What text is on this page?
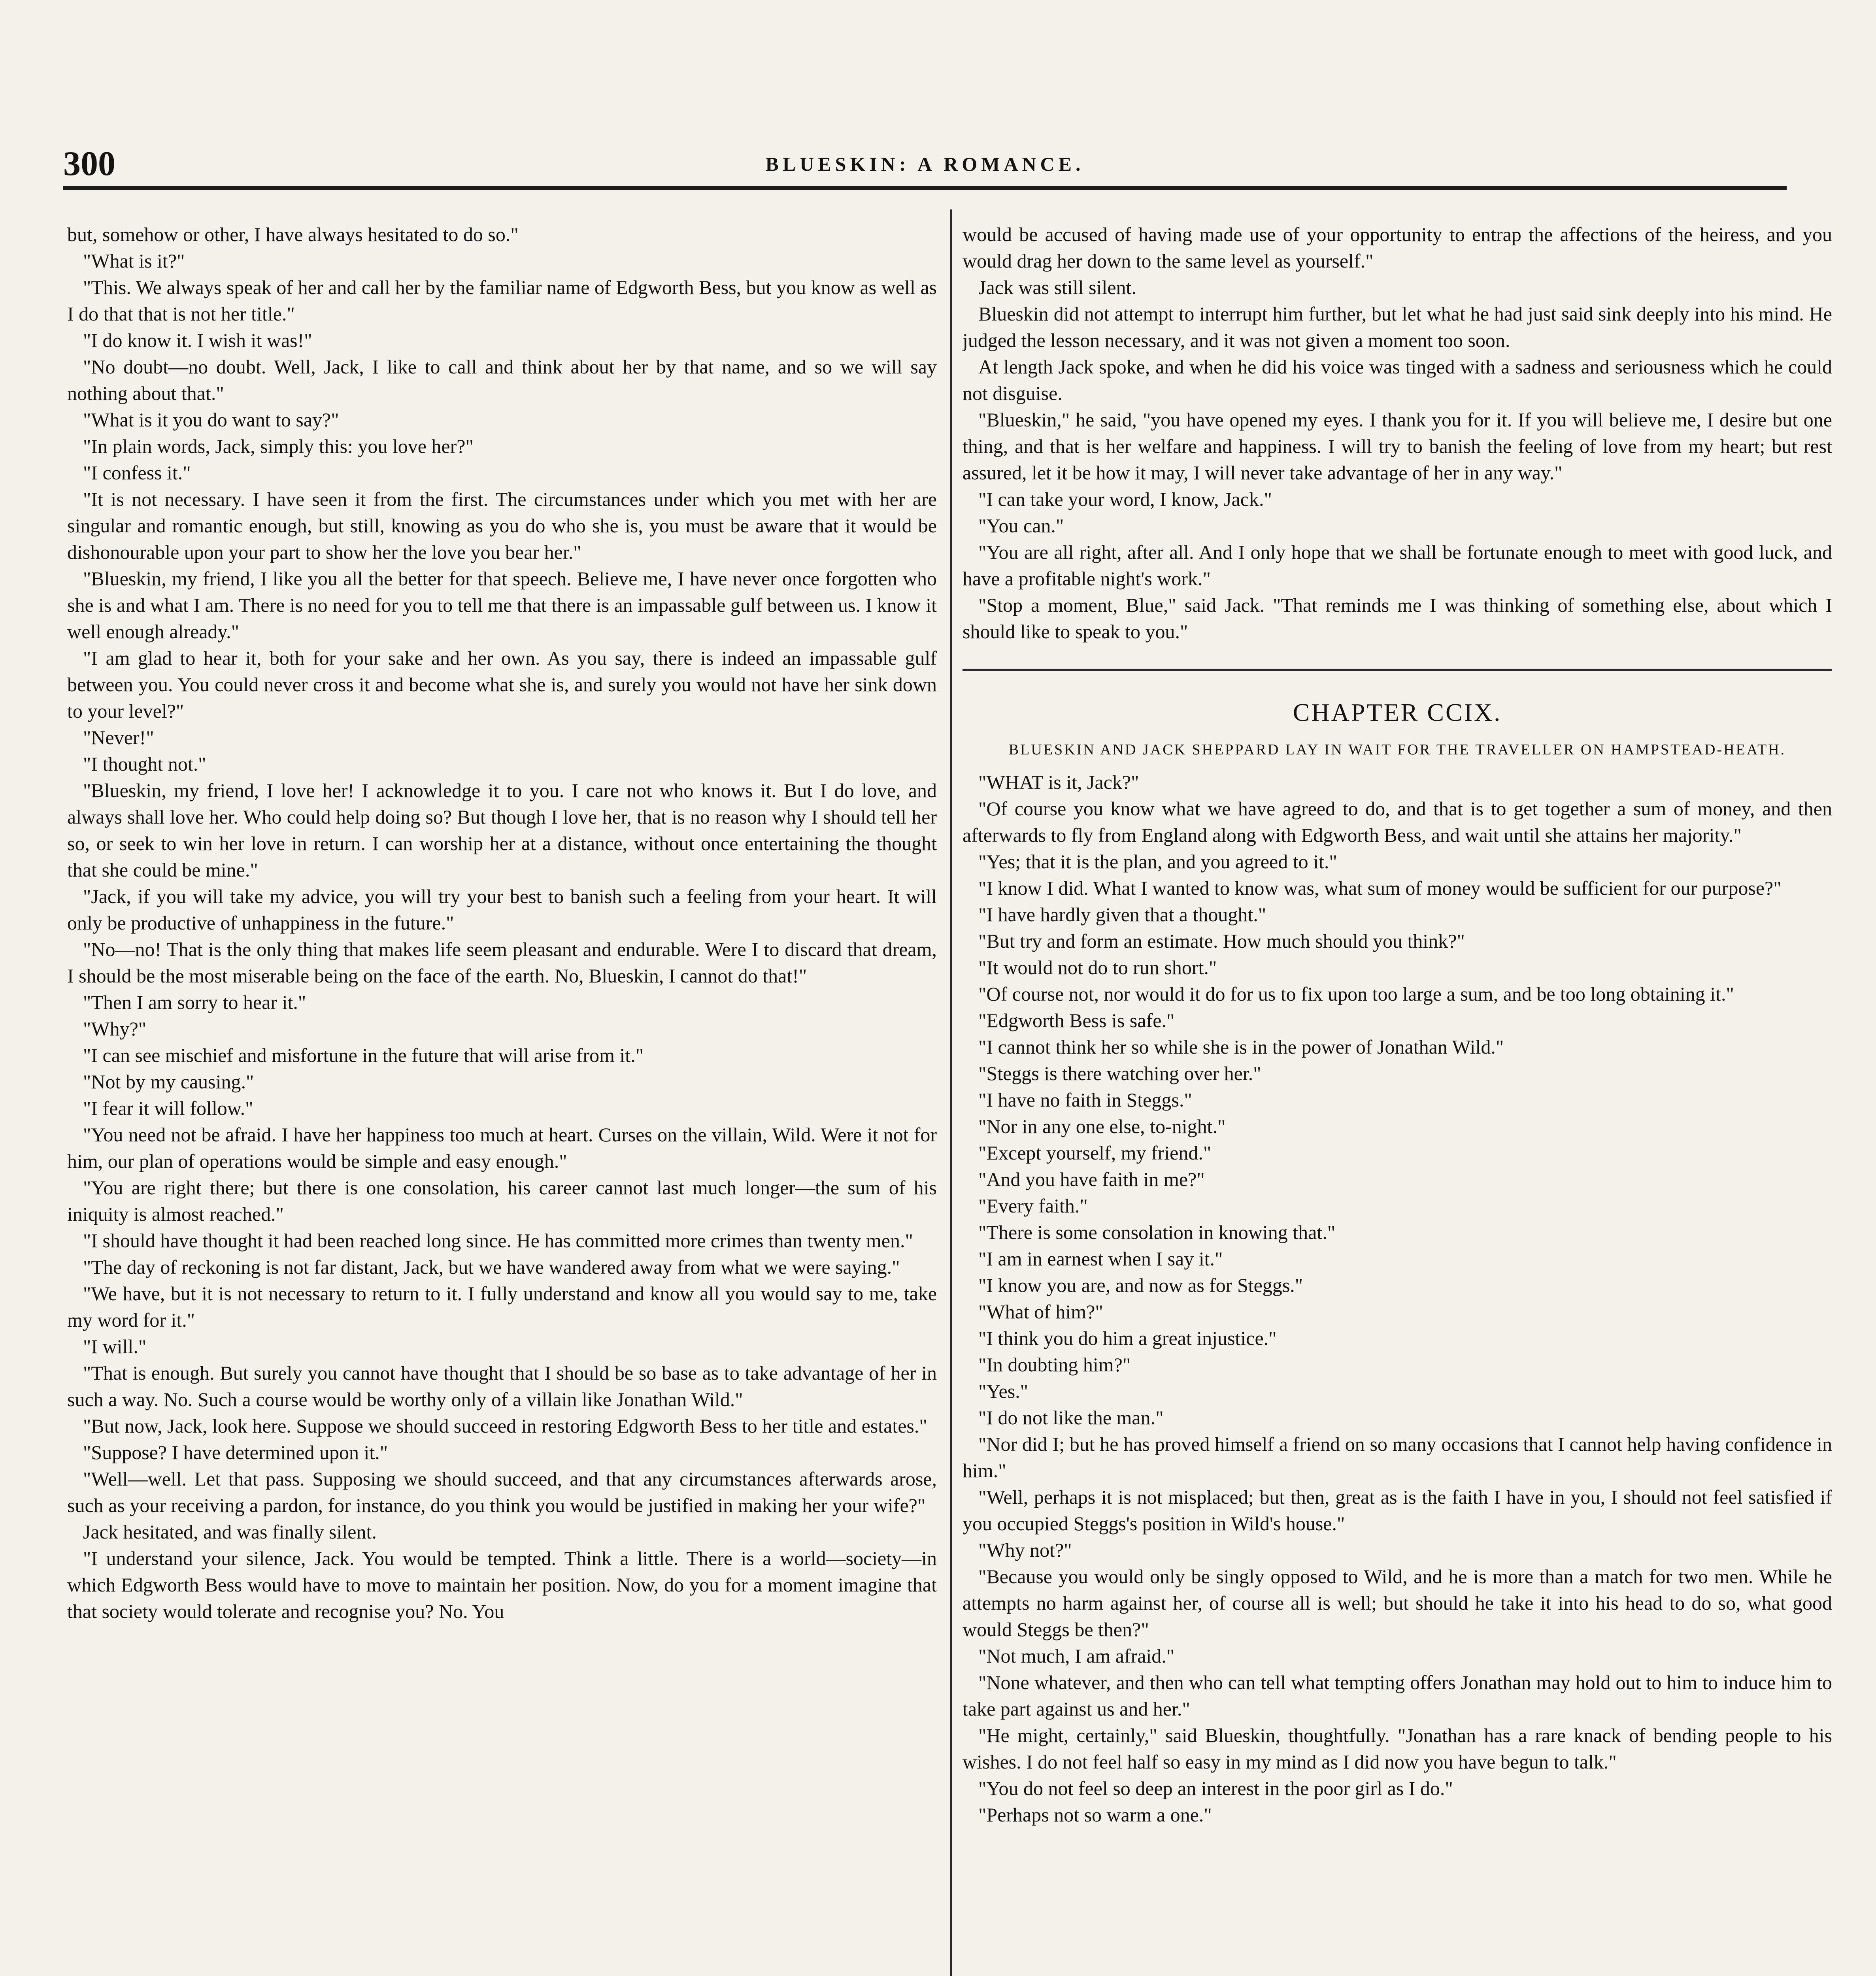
300	BLUESKIN: A ROMANCE.

but, somehow or other, I have always hesitated to do so."

"What is it?"

"This. We always speak of her and call her by the familiar name of Edgworth Bess, but you know as well as I do that that is not her title."

"I do know it. I wish it was!"

"No doubt—no doubt. Well, Jack, I like to call and think about her by that name, and so we will say nothing about that."

"What is it you do want to say?"

"In plain words, Jack, simply this: you love her?"

"I confess it."

"It is not necessary. I have seen it from the first. The circumstances under which you met with her are singular and romantic enough, but still, knowing as you do who she is, you must be aware that it would be dishonourable upon your part to show her the love you bear her."

"Blueskin, my friend, I like you all the better for that speech. Believe me, I have never once forgotten who she is and what I am. There is no need for you to tell me that there is an impassable gulf between us. I know it well enough already."

"I am glad to hear it, both for your sake and her own. As you say, there is indeed an impassable gulf between you. You could never cross it and become what she is, and surely you would not have her sink down to your level?"

"Never!"

"I thought not."

"Blueskin, my friend, I love her! I acknowledge it to you. I care not who knows it. But I do love, and always shall love her. Who could help doing so? But though I love her, that is no reason why I should tell her so, or seek to win her love in return. I can worship her at a distance, without once entertaining the thought that she could be mine."

"Jack, if you will take my advice, you will try your best to banish such a feeling from your heart. It will only be productive of unhappiness in the future."

"No—no! That is the only thing that makes life seem pleasant and endurable. Were I to discard that dream, I should be the most miserable being on the face of the earth. No, Blueskin, I cannot do that!"

"Then I am sorry to hear it."

"Why?"

"I can see mischief and misfortune in the future that will arise from it."

"Not by my causing."

"I fear it will follow."

"You need not be afraid. I have her happiness too much at heart. Curses on the villain, Wild. Were it not for him, our plan of operations would be simple and easy enough."

"You are right there; but there is one consolation, his career cannot last much longer—the sum of his iniquity is almost reached."

"I should have thought it had been reached long since. He has committed more crimes than twenty men."

"The day of reckoning is not far distant, Jack, but we have wandered away from what we were saying."

"We have, but it is not necessary to return to it. I fully understand and know all you would say to me, take my word for it."

"I will."

"That is enough. But surely you cannot have thought that I should be so base as to take advantage of her in such a way. No. Such a course would be worthy only of a villain like Jonathan Wild."

"But now, Jack, look here. Suppose we should succeed in restoring Edgworth Bess to her title and estates."

"Suppose? I have determined upon it."

"Well—well. Let that pass. Supposing we should succeed, and that any circumstances afterwards arose, such as your receiving a pardon, for instance, do you think you would be justified in making her your wife?"

Jack hesitated, and was finally silent.

"I understand your silence, Jack. You would be tempted. Think a little. There is a world—society—in which Edgworth Bess would have to move to maintain her position. Now, do you for a moment imagine that that society would tolerate and recognise you? No. You

would be accused of having made use of your opportunity to entrap the affections of the heiress, and you would drag her down to the same level as yourself."

Jack was still silent.

Blueskin did not attempt to interrupt him further, but let what he had just said sink deeply into his mind. He judged the lesson necessary, and it was not given a moment too soon.

At length Jack spoke, and when he did his voice was tinged with a sadness and seriousness which he could not disguise.

"Blueskin," he said, "you have opened my eyes. I thank you for it. If you will believe me, I desire but one thing, and that is her welfare and happiness. I will try to banish the feeling of love from my heart; but rest assured, let it be how it may, I will never take advantage of her in any way."

"I can take your word, I know, Jack."

"You can."

"You are all right, after all. And I only hope that we shall be fortunate enough to meet with good luck, and have a profitable night's work."

"Stop a moment, Blue," said Jack. "That reminds me I was thinking of something else, about which I should like to speak to you."

CHAPTER CCIX.
BLUESKIN AND JACK SHEPPARD LAY IN WAIT FOR THE TRAVELLER ON HAMPSTEAD-HEATH.

"WHAT is it, Jack?"

"Of course you know what we have agreed to do, and that is to get together a sum of money, and then afterwards to fly from England along with Edgworth Bess, and wait until she attains her majority."

"Yes; that it is the plan, and you agreed to it."

"I know I did. What I wanted to know was, what sum of money would be sufficient for our purpose?"

"I have hardly given that a thought."

"But try and form an estimate. How much should you think?"

"It would not do to run short."

"Of course not, nor would it do for us to fix upon too large a sum, and be too long obtaining it."

"Edgworth Bess is safe."

"I cannot think her so while she is in the power of Jonathan Wild."

"Steggs is there watching over her."

"I have no faith in Steggs."

"Nor in any one else, to-night."

"Except yourself, my friend."

"And you have faith in me?"

"Every faith."

"There is some consolation in knowing that."

"I am in earnest when I say it."

"I know you are, and now as for Steggs."

"What of him?"

"I think you do him a great injustice."

"In doubting him?"

"Yes."

"I do not like the man."

"Nor did I; but he has proved himself a friend on so many occasions that I cannot help having confidence in him."

"Well, perhaps it is not misplaced; but then, great as is the faith I have in you, I should not feel satisfied if you occupied Steggs's position in Wild's house."

"Why not?"

"Because you would only be singly opposed to Wild, and he is more than a match for two men. While he attempts no harm against her, of course all is well; but should he take it into his head to do so, what good would Steggs be then?"

"Not much, I am afraid."

"None whatever, and then who can tell what tempting offers Jonathan may hold out to him to induce him to take part against us and her."

"He might, certainly," said Blueskin, thoughtfully. "Jonathan has a rare knack of bending people to his wishes. I do not feel half so easy in my mind as I did now you have begun to talk."

"You do not feel so deep an interest in the poor girl as I do."

"Perhaps not so warm a one."
